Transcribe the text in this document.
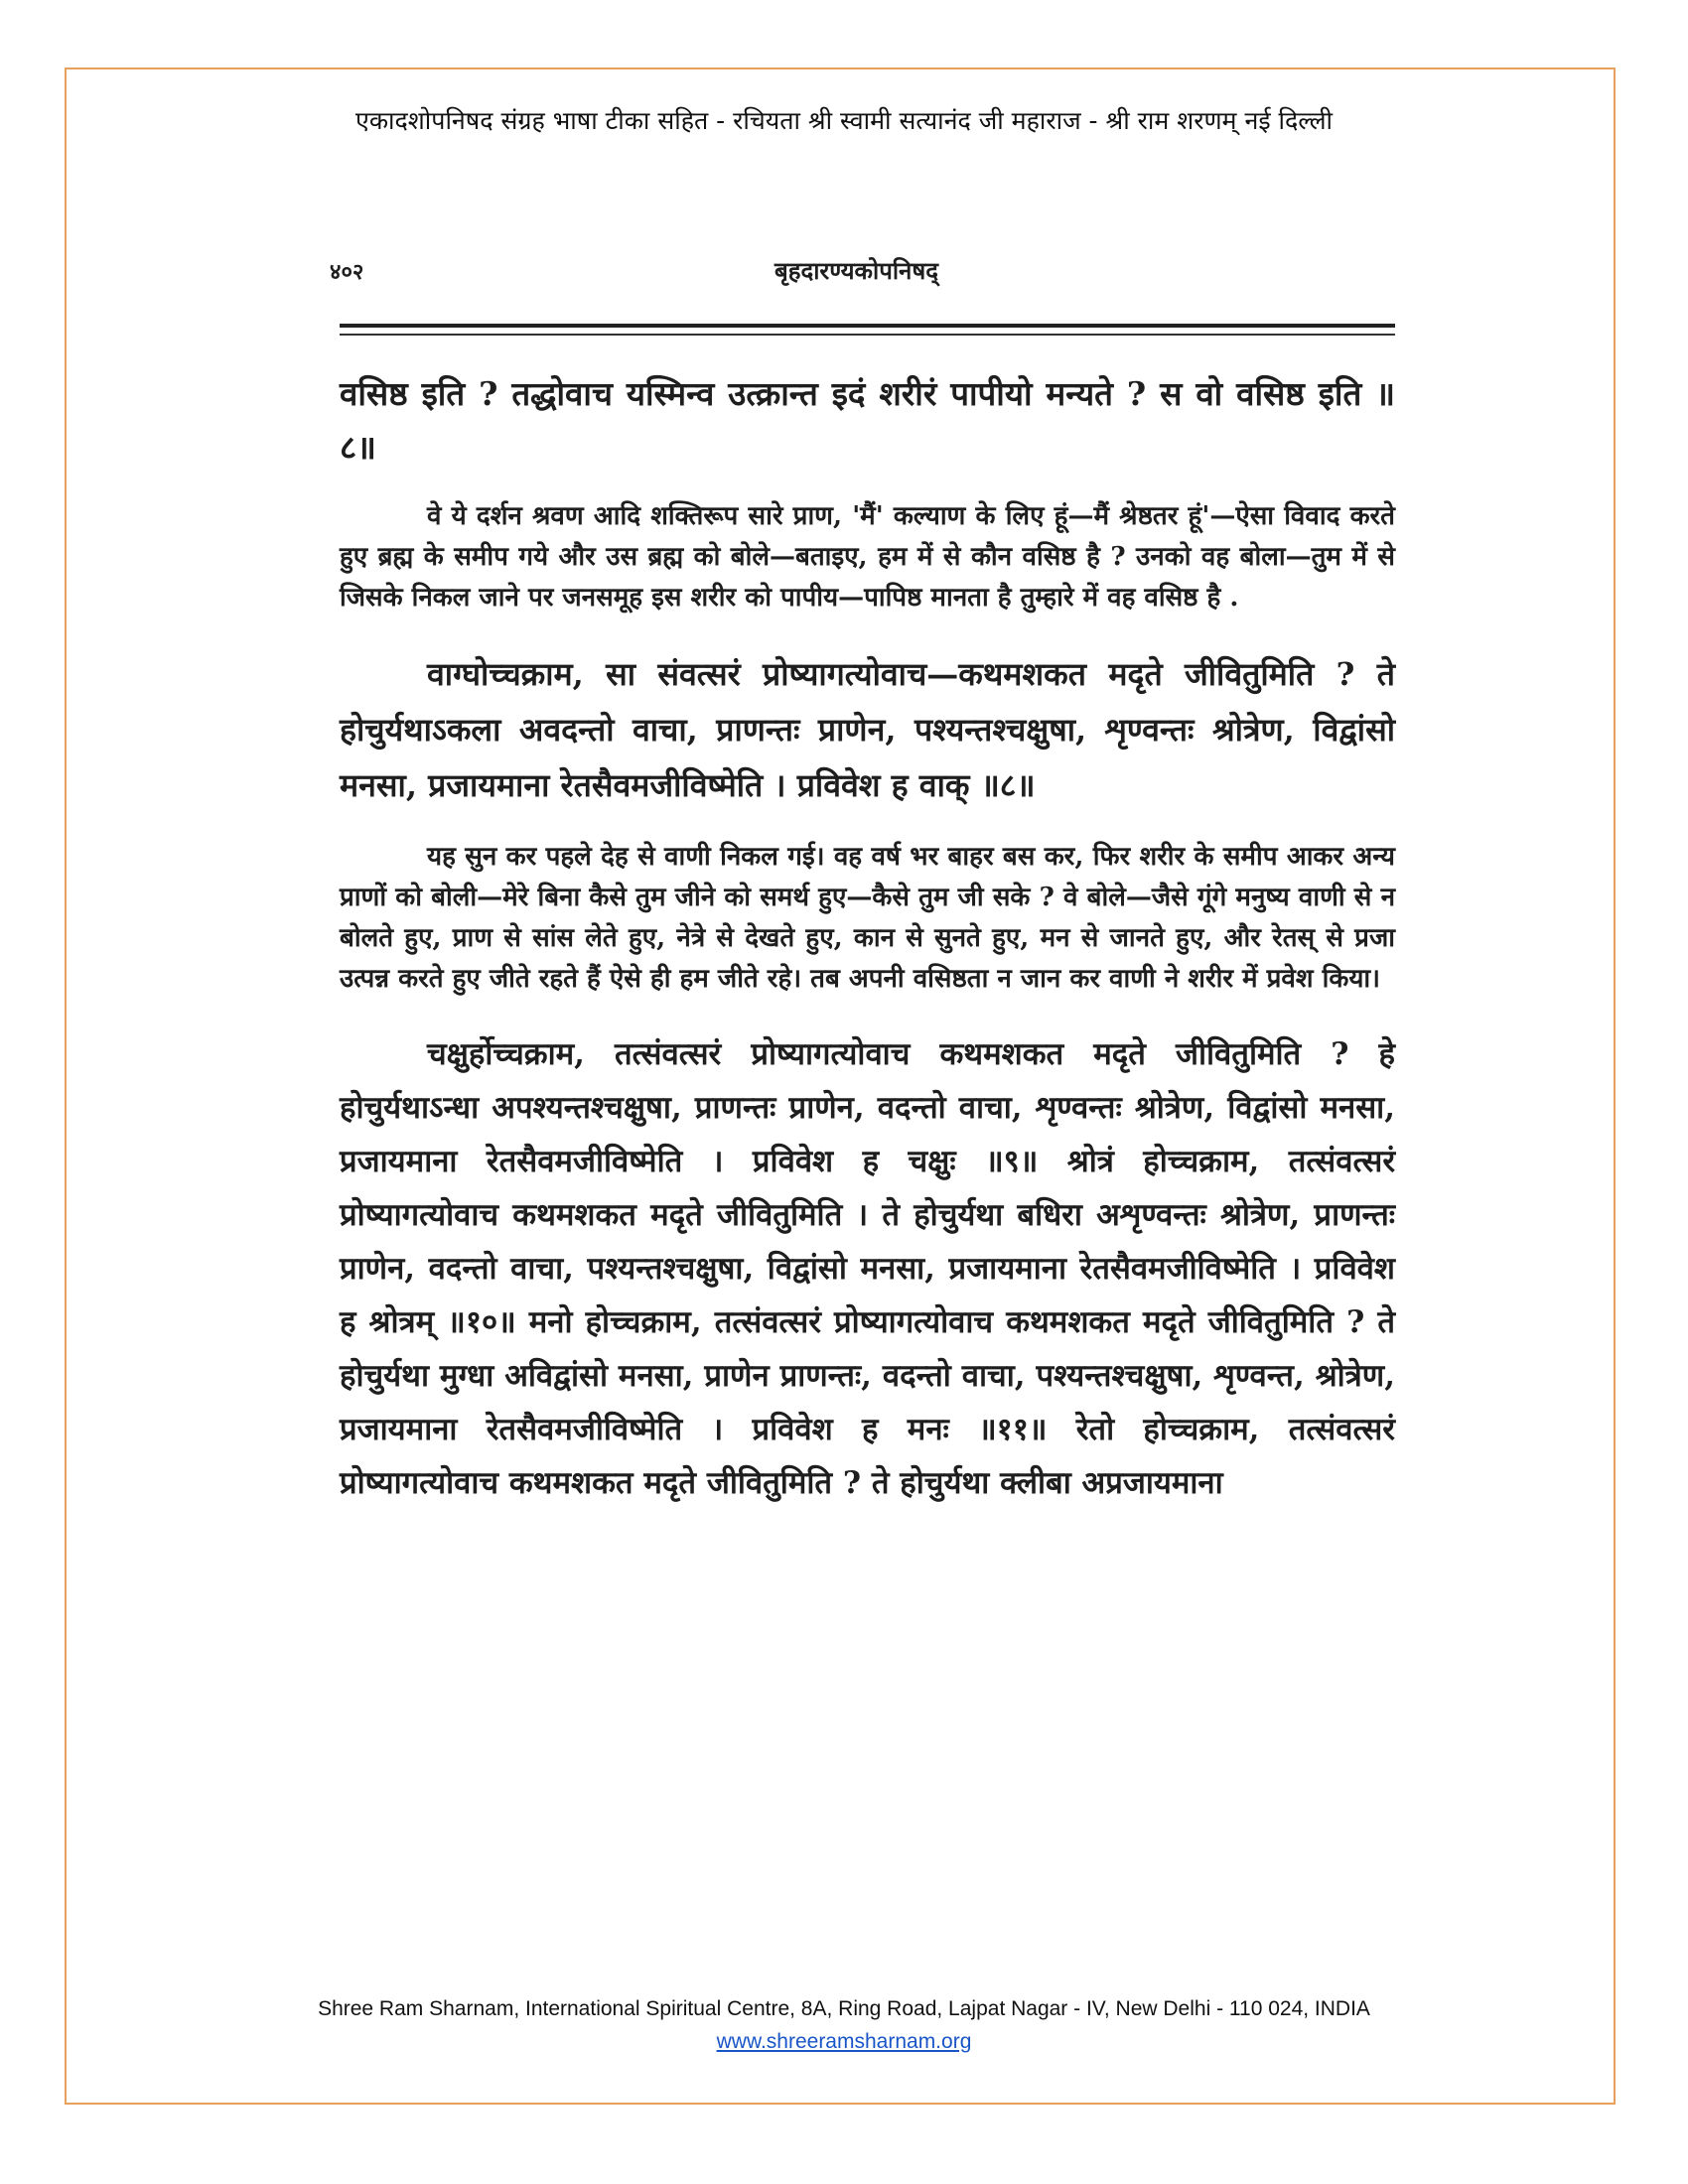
एकादशोपनिषद संग्रह भाषा टीका सहित - रचियता श्री स्वामी सत्यानंद जी महाराज - श्री राम शरणम् नई दिल्ली
४०२	बृहदारण्यकोपनिषद्

वसिष्ठ इति ? तद्धोवाच यस्मिन्व उत्क्रान्त इदं शरीरं पापीयो मन्यते ? स वो वसिष्ठ इति ॥८॥

वे ये दर्शन श्रवण आदि शक्तिरूप सारे प्राण, 'मैं' कल्याण के लिए हूं—मैं श्रेष्ठतर हूं'—ऐसा विवाद करते हुए ब्रह्म के समीप गये और उस ब्रह्म को बोले—बताइए, हम में से कौन वसिष्ठ है ? उनको वह बोला—तुम में से जिसके निकल जाने पर जनसमूह इस शरीर को पापीय—पापिष्ठ मानता है तुम्हारे में वह वसिष्ठ है .

वाग्घोच्चक्राम, सा संवत्सरं प्रोष्यागत्योवाच—कथमशकत मदृते जीवितुमिति ? ते होचुर्यथाऽकला अवदन्तो वाचा, प्राणन्तः प्राणेन, पश्यन्तश्चक्षुषा, शृण्वन्तः श्रोत्रेण, विद्वांसो मनसा, प्रजायमाना रेतसैवमजीविष्मेति । प्रविवेश ह वाक् ॥८॥

यह सुन कर पहले देह से वाणी निकल गई। वह वर्ष भर बाहर बस कर, फिर शरीर के समीप आकर अन्य प्राणों को बोली—मेरे बिना कैसे तुम जीने को समर्थ हुए—कैसे तुम जी सके ? वे बोले—जैसे गूंगे मनुष्य वाणी से न बोलते हुए, प्राण से सांस लेते हुए, नेत्रे से देखते हुए, कान से सुनते हुए, मन से जानते हुए, और रेतस् से प्रजा उत्पन्न करते हुए जीते रहते हैं ऐसे ही हम जीते रहे। तब अपनी वसिष्ठता न जान कर वाणी ने शरीर में प्रवेश किया।

चक्षुर्होच्चक्राम, तत्संवत्सरं प्रोष्यागत्योवाच कथमशकत मदृते जीवितुमिति ? हे होचुर्यथाऽन्धा अपश्यन्तश्चक्षुषा, प्राणन्तः प्राणेन, वदन्तो वाचा, शृण्वन्तः श्रोत्रेण, विद्वांसो मनसा, प्रजायमाना रेतसैवमजीविष्मेति । प्रविवेश ह चक्षुः ॥९॥ श्रोत्रं होच्चक्राम, तत्संवत्सरं प्रोष्यागत्योवाच कथमशकत मदृते जीवितुमिति । ते होचुर्यथा बधिरा अशृण्वन्तः श्रोत्रेण, प्राणन्तः प्राणेन, वदन्तो वाचा, पश्यन्तश्चक्षुषा, विद्वांसो मनसा, प्रजायमाना रेतसैवमजीविष्मेति । प्रविवेश ह श्रोत्रम् ॥१०॥ मनो होच्चक्राम, तत्संवत्सरं प्रोष्यागत्योवाच कथमशकत मदृते जीवितुमिति ? ते होचुर्यथा मुग्धा अविद्वांसो मनसा, प्राणेन प्राणन्तः, वदन्तो वाचा, पश्यन्तश्चक्षुषा, शृण्वन्त, श्रोत्रेण, प्रजायमाना रेतसैवमजीविष्मेति । प्रविवेश ह मनः ॥११॥ रेतो होच्चक्राम, तत्संवत्सरं प्रोष्यागत्योवाच कथमशकत मदृते जीवितुमिति ? ते होचुर्यथा क्लीबा अप्रजायमाना

Shree Ram Sharnam, International Spiritual Centre, 8A, Ring Road, Lajpat Nagar - IV, New Delhi - 110 024, INDIA
www.shreeramsharnam.org
